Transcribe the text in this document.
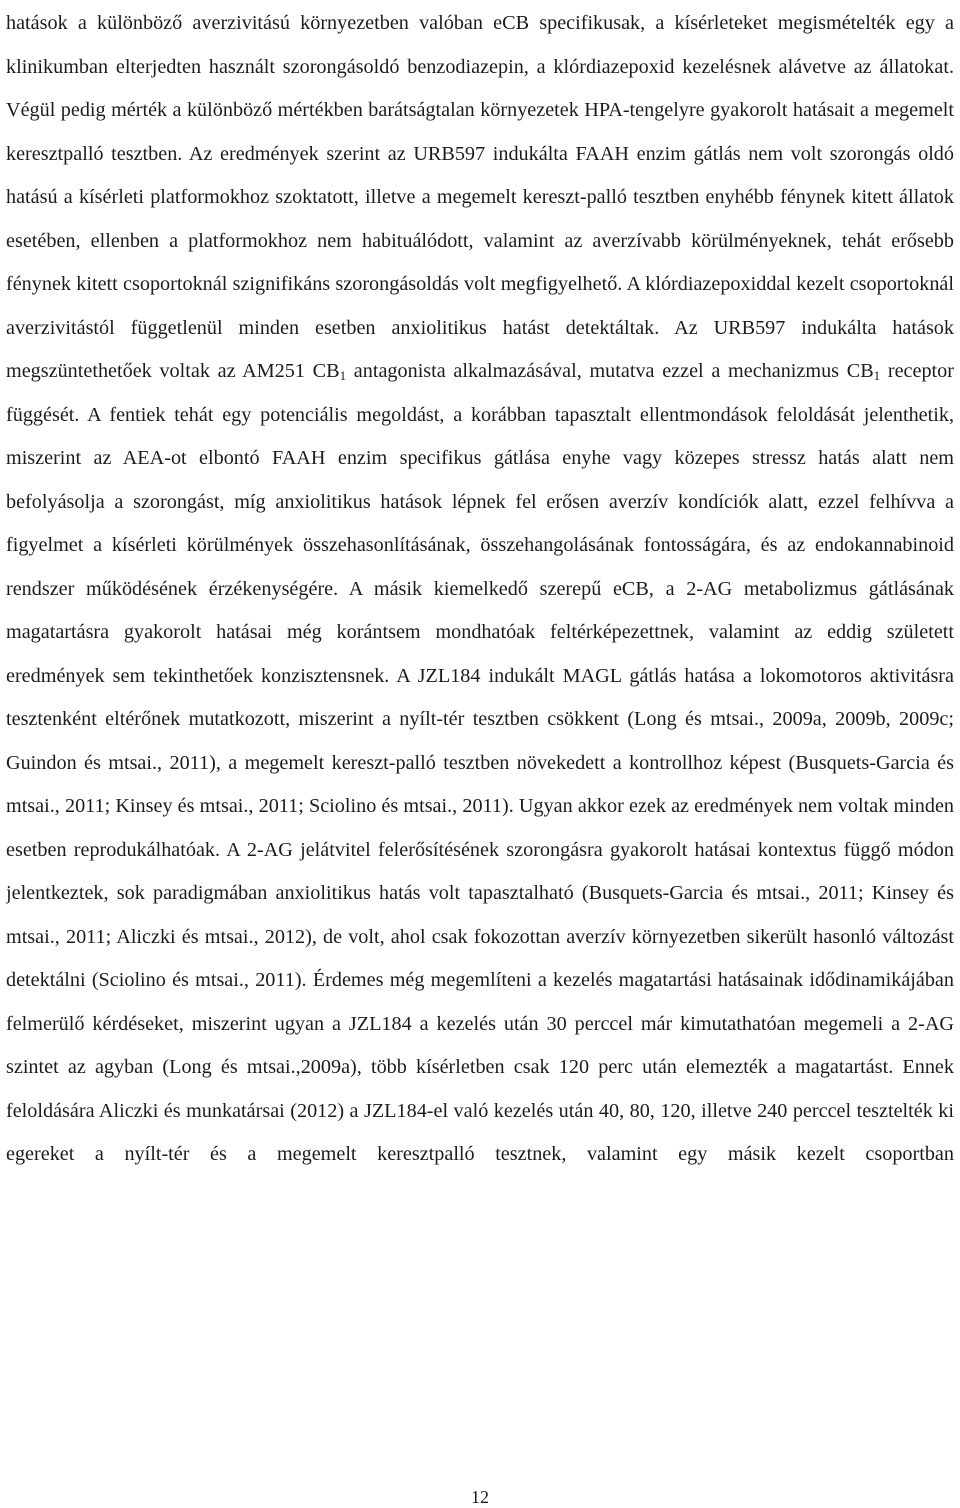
hatások a különböző averzivitású környezetben valóban eCB specifikusak, a kísérleteket megismételték egy a klinikumban elterjedten használt szorongásoldó benzodiazepin, a klórdiazepoxid kezelésnek alávetve az állatokat. Végül pedig mérték a különböző mértékben barátságtalan környezetek HPA-tengelyre gyakorolt hatásait a megemelt keresztpalló tesztben. Az eredmények szerint az URB597 indukálta FAAH enzim gátlás nem volt szorongás oldó hatású a kísérleti platformokhoz szoktatott, illetve a megemelt kereszt-palló tesztben enyhébb fénynek kitett állatok esetében, ellenben a platformokhoz nem habituálódott, valamint az averzívabb körülményeknek, tehát erősebb fénynek kitett csoportoknál szignifikáns szorongásoldás volt megfigyelhető. A klórdiazepoxiddal kezelt csoportoknál averzivitástól függetlenül minden esetben anxiolitikus hatást detektáltak. Az URB597 indukálta hatások megszüntethetőek voltak az AM251 $CB_1$ antagonista alkalmazásával, mutatva ezzel a mechanizmus $CB_1$ receptor függését. A fentiek tehát egy potenciális megoldást, a korábban tapasztalt ellentmondások feloldását jelenthetik, miszerint az AEA-ot elbontó FAAH enzim specifikus gátlása enyhe vagy közepes stressz hatás alatt nem befolyásolja a szorongást, míg anxiolitikus hatások lépnek fel erősen averzív kondíciók alatt, ezzel felhívva a figyelmet a kísérleti körülmények összehasonlításának, összehangolásának fontosságára, és az endokannabinoid rendszer működésének érzékenységére. A másik kiemelkedő szerepű eCB, a 2-AG metabolizmus gátlásának magatartásra gyakorolt hatásai még korántsem mondhatóak feltérképezettnek, valamint az eddig született eredmények sem tekinthetőek konzisztensnek. A JZL184 indukált MAGL gátlás hatása a lokomotoros aktivitásra tesztenként eltérőnek mutatkozott, miszerint a nyílt-tér tesztben csökkent (Long és mtsai., 2009a, 2009b, 2009c; Guindon és mtsai., 2011), a megemelt kereszt-palló tesztben növekedett a kontrollhoz képest (Busquets-Garcia és mtsai., 2011; Kinsey és mtsai., 2011; Sciolino és mtsai., 2011). Ugyan akkor ezek az eredmények nem voltak minden esetben reprodukálhatóak. A 2-AG jelátvitel felerősítésének szorongásra gyakorolt hatásai kontextus függő módon jelentkeztek, sok paradigmában anxiolitikus hatás volt tapasztalható (Busquets-Garcia és mtsai., 2011; Kinsey és mtsai., 2011; Aliczki és mtsai., 2012), de volt, ahol csak fokozottan averzív környezetben sikerült hasonló változást detektálni (Sciolino és mtsai., 2011). Érdemes még megemlíteni a kezelés magatartási hatásainak idődinamikájában felmerülő kérdéseket, miszerint ugyan a JZL184 a kezelés után 30 perccel már kimutathatóan megemeli a 2-AG szintet az agyban (Long és mtsai.,2009a), több kísérletben csak 120 perc után elemezték a magatartást. Ennek feloldására Aliczki és munkatársai (2012) a JZL184-el való kezelés után 40, 80, 120, illetve 240 perccel tesztelték ki egereket a nyílt-tér és a megemelt keresztpalló tesztnek, valamint egy másik kezelt csoportban

12
